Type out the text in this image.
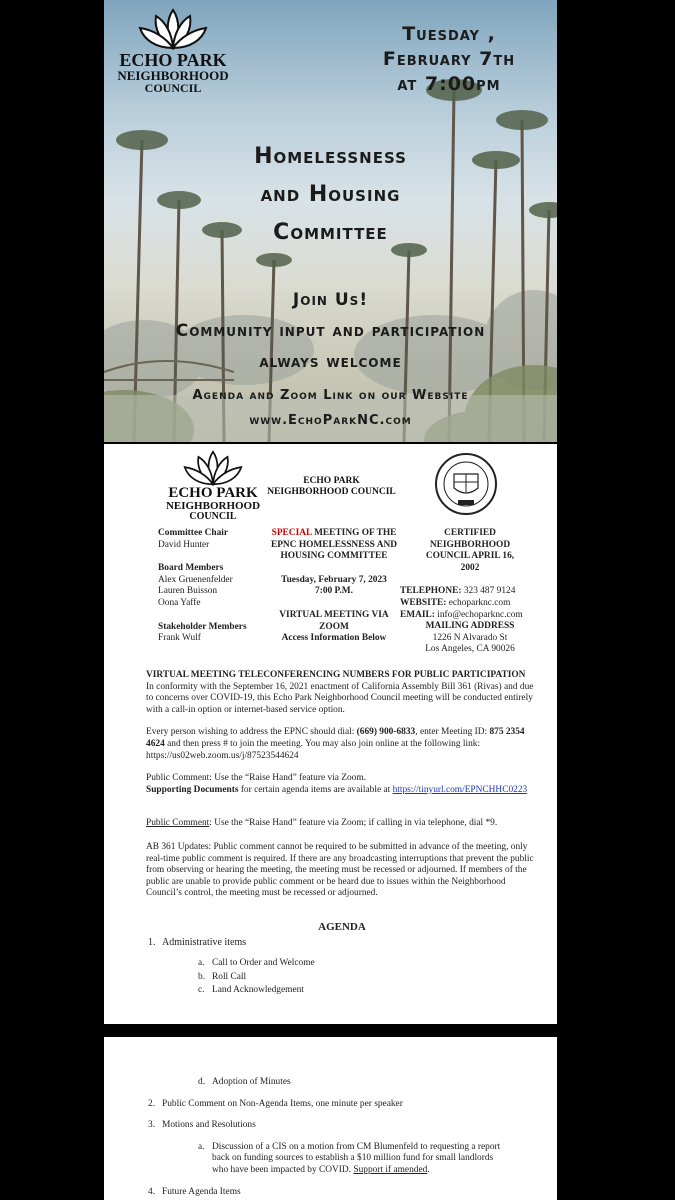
ECHO PARK
NEIGHBORHOOD
COUNCIL
Tuesday ,
February 7th
at 7:00pm
Homelessness
and Housing
Committee
Join Us!
Community input and participation
always welcome
Agenda and Zoom Link on our Website
www.EchoParkNC.com
ECHO PARK
NEIGHBORHOOD
COUNCIL
ECHO PARK
NEIGHBORHOOD COUNCIL
Committee Chair
David Hunter
Board Members
Alex Gruenenfelder
Lauren Buisson
Oona Yaffe
Stakeholder Members
Frank Wulf
SPECIAL MEETING OF THE EPNC HOMELESSNESS AND HOUSING COMMITTEE
Tuesday, February 7, 2023
7:00 P.M.
VIRTUAL MEETING VIA ZOOM
Access Information Below
CERTIFIED NEIGHBORHOOD COUNCIL APRIL 16, 2002
TELEPHONE: 323 487 9124
WEBSITE: echoparknc.com
EMAIL: info@echoparknc.com
MAILING ADDRESS
1226 N Alvarado St
Los Angeles, CA 90026
VIRTUAL MEETING TELECONFERENCING NUMBERS FOR PUBLIC PARTICIPATION
In conformity with the September 16, 2021 enactment of California Assembly Bill 361 (Rivas) and due to concerns over COVID-19, this Echo Park Neighborhood Council meeting will be conducted entirely with a call-in option or internet-based service option.
Every person wishing to address the EPNC should dial: (669) 900-6833, enter Meeting ID: 875 2354 4624 and then press # to join the meeting. You may also join online at the following link: https://us02web.zoom.us/j/87523544624
Public Comment: Use the “Raise Hand” feature via Zoom.
Supporting Documents for certain agenda items are available at https://tinyurl.com/EPNCHHC0223
Public Comment: Use the “Raise Hand” feature via Zoom; if calling in via telephone, dial *9.
AB 361 Updates: Public comment cannot be required to be submitted in advance of the meeting, only real-time public comment is required. If there are any broadcasting interruptions that prevent the public from observing or hearing the meeting, the meeting must be recessed or adjourned. If members of the public are unable to provide public comment or be heard due to issues within the Neighborhood Council’s control, the meeting must be recessed or adjourned.
AGENDA
1. Administrative items
a. Call to Order and Welcome
b. Roll Call
c. Land Acknowledgement
d. Adoption of Minutes
2. Public Comment on Non-Agenda Items, one minute per speaker
3. Motions and Resolutions
a. Discussion of a CIS on a motion from CM Blumenfeld to requesting a report back on funding sources to establish a $10 million fund for small landlords who have been impacted by COVID. Support if amended.
4. Future Agenda Items
